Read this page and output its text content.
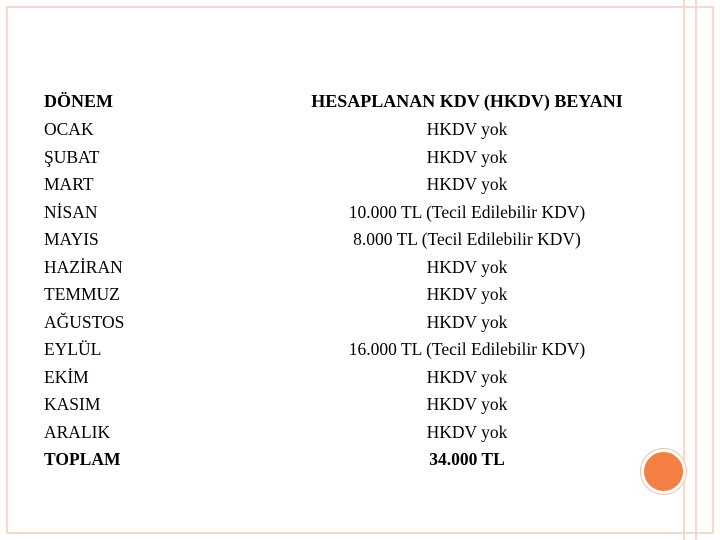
DÖNEM	HESAPLANAN KDV (HKDV) BEYANI
OCAK	HKDV yok
ŞUBAT	HKDV yok
MART	HKDV yok
NİSAN	10.000 TL (Tecil Edilebilir KDV)
MAYIS	8.000 TL (Tecil Edilebilir KDV)
HAZİRAN	HKDV yok
TEMMUZ	HKDV yok
AĞUSTOS	HKDV yok
EYLÜL	16.000 TL (Tecil Edilebilir KDV)
EKİM	HKDV yok
KASIM	HKDV yok
ARALIK	HKDV yok
TOPLAM	34.000 TL
